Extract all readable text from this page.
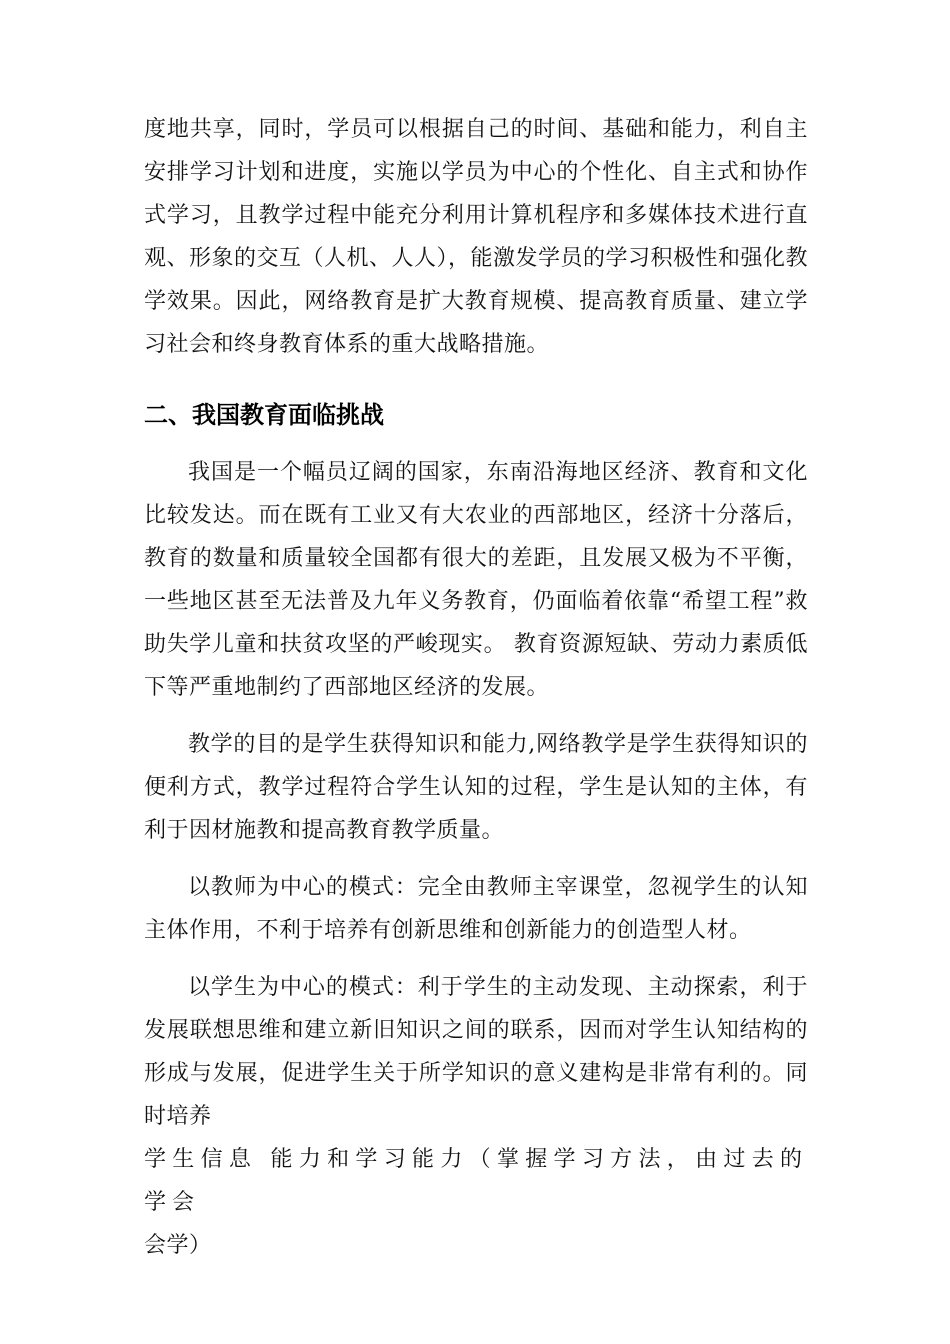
度地共享，同时，学员可以根据自己的时间、基础和能力，利自主安排学习计划和进度，实施以学员为中心的个性化、自主式和协作式学习，且教学过程中能充分利用计算机程序和多媒体技术进行直观、形象的交互（人机、人人），能激发学员的学习积极性和强化教学效果。因此，网络教育是扩大教育规模、提高教育质量、建立学习社会和终身教育体系的重大战略措施。

二、我国教育面临挑战

我国是一个幅员辽阔的国家，东南沿海地区经济、教育和文化比较发达。而在既有工业又有大农业的西部地区，经济十分落后，教育的数量和质量较全国都有很大的差距，且发展又极为不平衡，一些地区甚至无法普及九年义务教育，仍面临着依靠“希望工程”救助失学儿童和扶贫攻坚的严峻现实。 教育资源短缺、劳动力素质低下等严重地制约了西部地区经济的发展。

教学的目的是学生获得知识和能力,网络教学是学生获得知识的便利方式，教学过程符合学生认知的过程，学生是认知的主体，有利于因材施教和提高教育教学质量。

以教师为中心的模式：完全由教师主宰课堂，忽视学生的认知主体作用，不利于培养有创新思维和创新能力的创造型人材。

以学生为中心的模式：利于学生的主动发现、主动探索，利于发展联想思维和建立新旧知识之间的联系，因而对学生认知结构的形成与发展，促进学生关于所学知识的意义建构是非常有利的。同时培养

学生信息 能力和学习能力（掌握学习方法，由过去的学会

会学）
